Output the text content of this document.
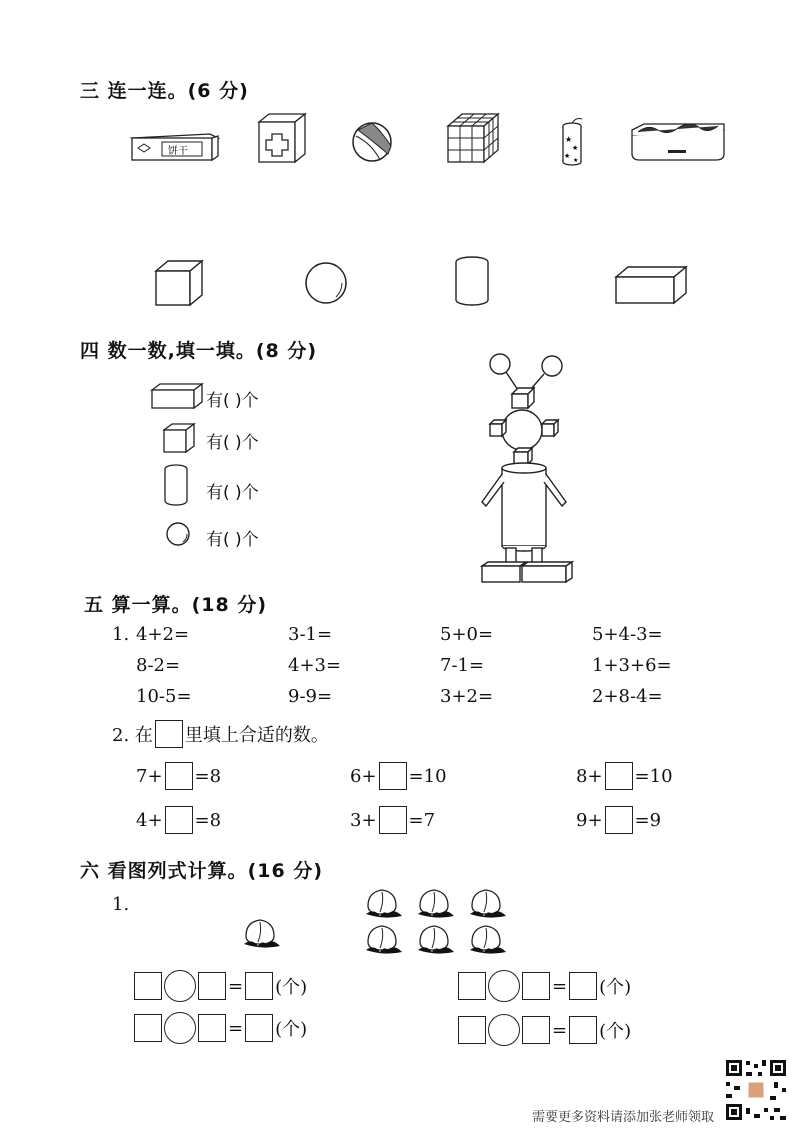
三 连一连。(6 分)
饼干
★
★
★
★
四 数一数,填一填。(8 分)
有( )个
有( )个
有( )个
有( )个
五 算一算。(18 分)
1. 4+2=	3-1=	5+0=	5+4-3=
8-2=	4+3=	7-1=	1+3+6=
10-5=	9-9=	3+2=	2+8-4=
2. 在 里填上合适的数。
7+ =8	6+ =10	8+ =10
4+ =8	3+ =7	9+ =9
六 看图列式计算。(16 分)
1.
= (个)
= (个)
= (个)
= (个)
需要更多资料请添加张老师领取
